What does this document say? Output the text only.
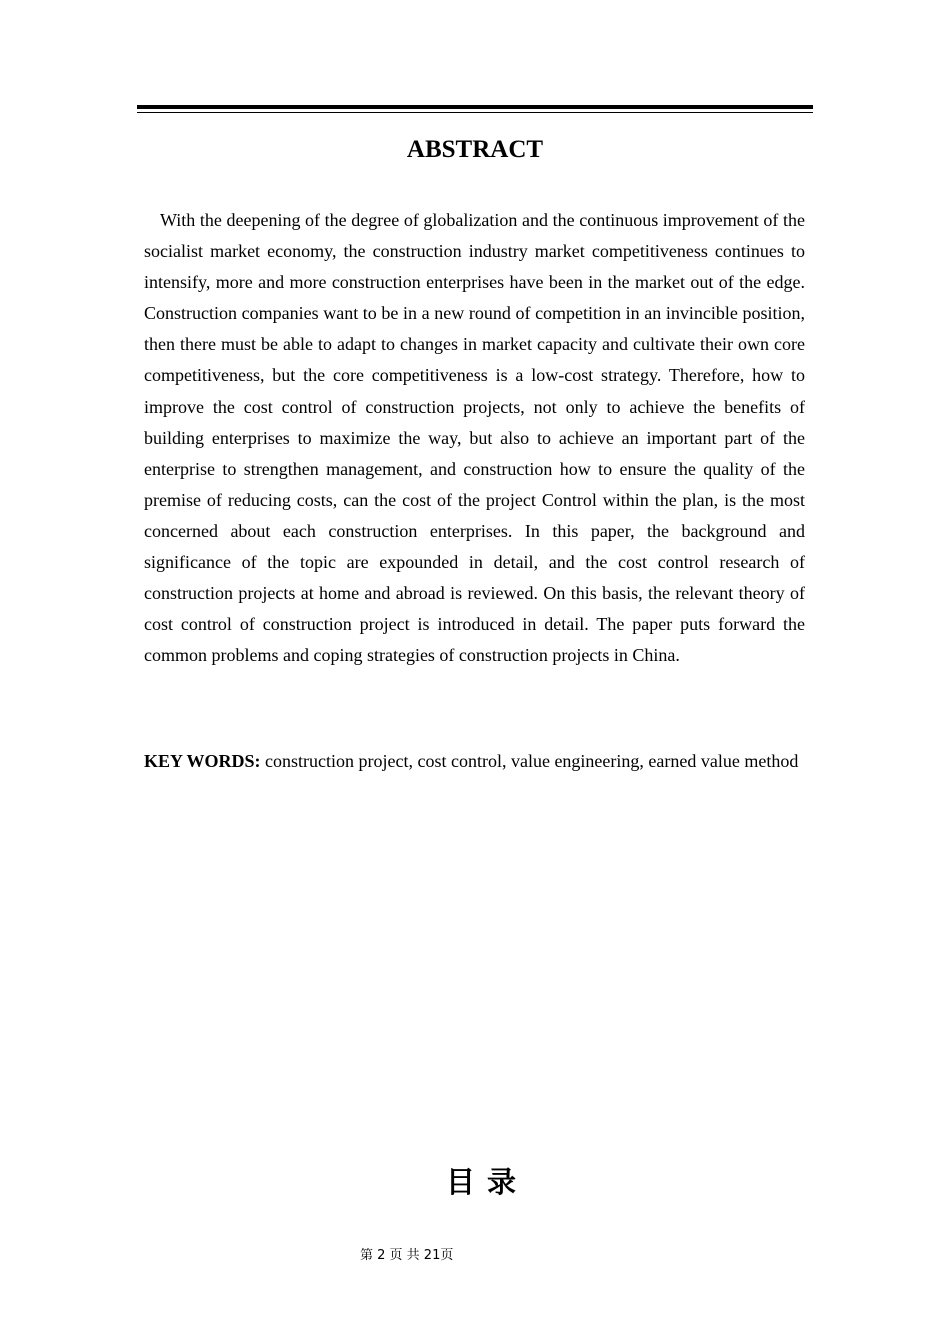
ABSTRACT

With the deepening of the degree of globalization and the continuous improvement of the socialist market economy, the construction industry market competitiveness continues to intensify, more and more construction enterprises have been in the market out of the edge. Construction companies want to be in a new round of competition in an invincible position, then there must be able to adapt to changes in market capacity and cultivate their own core competitiveness, but the core competitiveness is a low-cost strategy. Therefore, how to improve the cost control of construction projects, not only to achieve the benefits of building enterprises to maximize the way, but also to achieve an important part of the enterprise to strengthen management, and construction how to ensure the quality of the premise of reducing costs, can the cost of the project Control within the plan, is the most concerned about each construction enterprises. In this paper, the background and significance of the topic are expounded in detail, and the cost control research of construction projects at home and abroad is reviewed. On this basis, the relevant theory of cost control of construction project is introduced in detail. The paper puts forward the common problems and coping strategies of construction projects in China.

KEY WORDS: construction project, cost control, value engineering, earned value method

目录
第 2 页 共 21页
